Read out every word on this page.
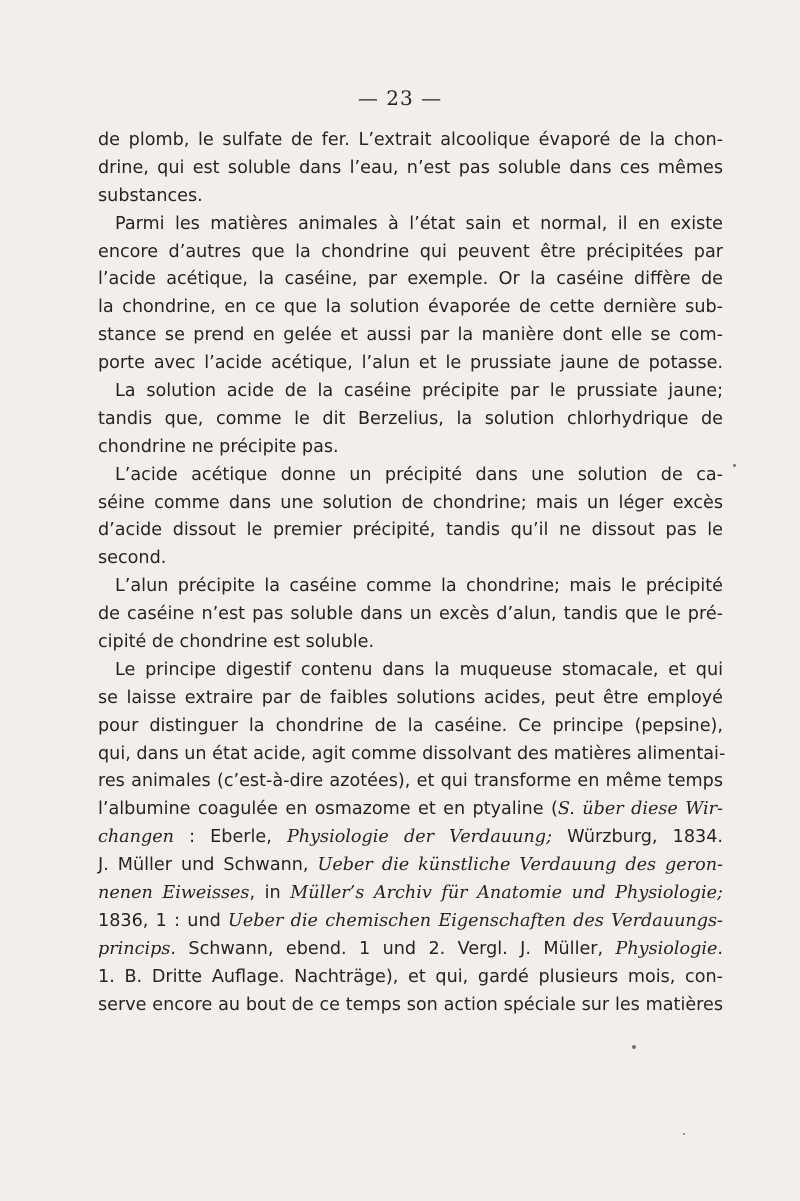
— 23 —
de plomb, le sulfate de fer. L’extrait alcoolique évaporé de la chon-
drine, qui est soluble dans l’eau, n’est pas soluble dans ces mêmes
substances.
Parmi les matières animales à l’état sain et normal, il en existe
encore d’autres que la chondrine qui peuvent être précipitées par
l’acide acétique, la caséine, par exemple. Or la caséine diffère de
la chondrine, en ce que la solution évaporée de cette dernière sub-
stance se prend en gelée et aussi par la manière dont elle se com-
porte avec l’acide acétique, l’alun et le prussiate jaune de potasse.
La solution acide de la caséine précipite par le prussiate jaune;
tandis que, comme le dit Berzelius, la solution chlorhydrique de
chondrine ne précipite pas.
L’acide acétique donne un précipité dans une solution de ca-
séine comme dans une solution de chondrine; mais un léger excès
d’acide dissout le premier précipité, tandis qu’il ne dissout pas le
second.
L’alun précipite la caséine comme la chondrine; mais le précipité
de caséine n’est pas soluble dans un excès d’alun, tandis que le pré-
cipité de chondrine est soluble.
Le principe digestif contenu dans la muqueuse stomacale, et qui
se laisse extraire par de faibles solutions acides, peut être employé
pour distinguer la chondrine de la caséine. Ce principe (pepsine),
qui, dans un état acide, agit comme dissolvant des matières alimentai-
res animales (c’est-à-dire azotées), et qui transforme en même temps
l’albumine coagulée en osmazome et en ptyaline (S. über diese Wir-
changen : Eberle, Physiologie der Verdauung; Würzburg, 1834.
J. Müller und Schwann, Ueber die künstliche Verdauung des geron-
nenen Eiweisses, in Müller’s Archiv für Anatomie und Physiologie;
1836, 1 : und Ueber die chemischen Eigenschaften des Verdauungs-
princips. Schwann, ebend. 1 und 2. Vergl. J. Müller, Physiologie.
1. B. Dritte Auflage. Nachträge), et qui, gardé plusieurs mois, con-
serve encore au bout de ce temps son action spéciale sur les matières
